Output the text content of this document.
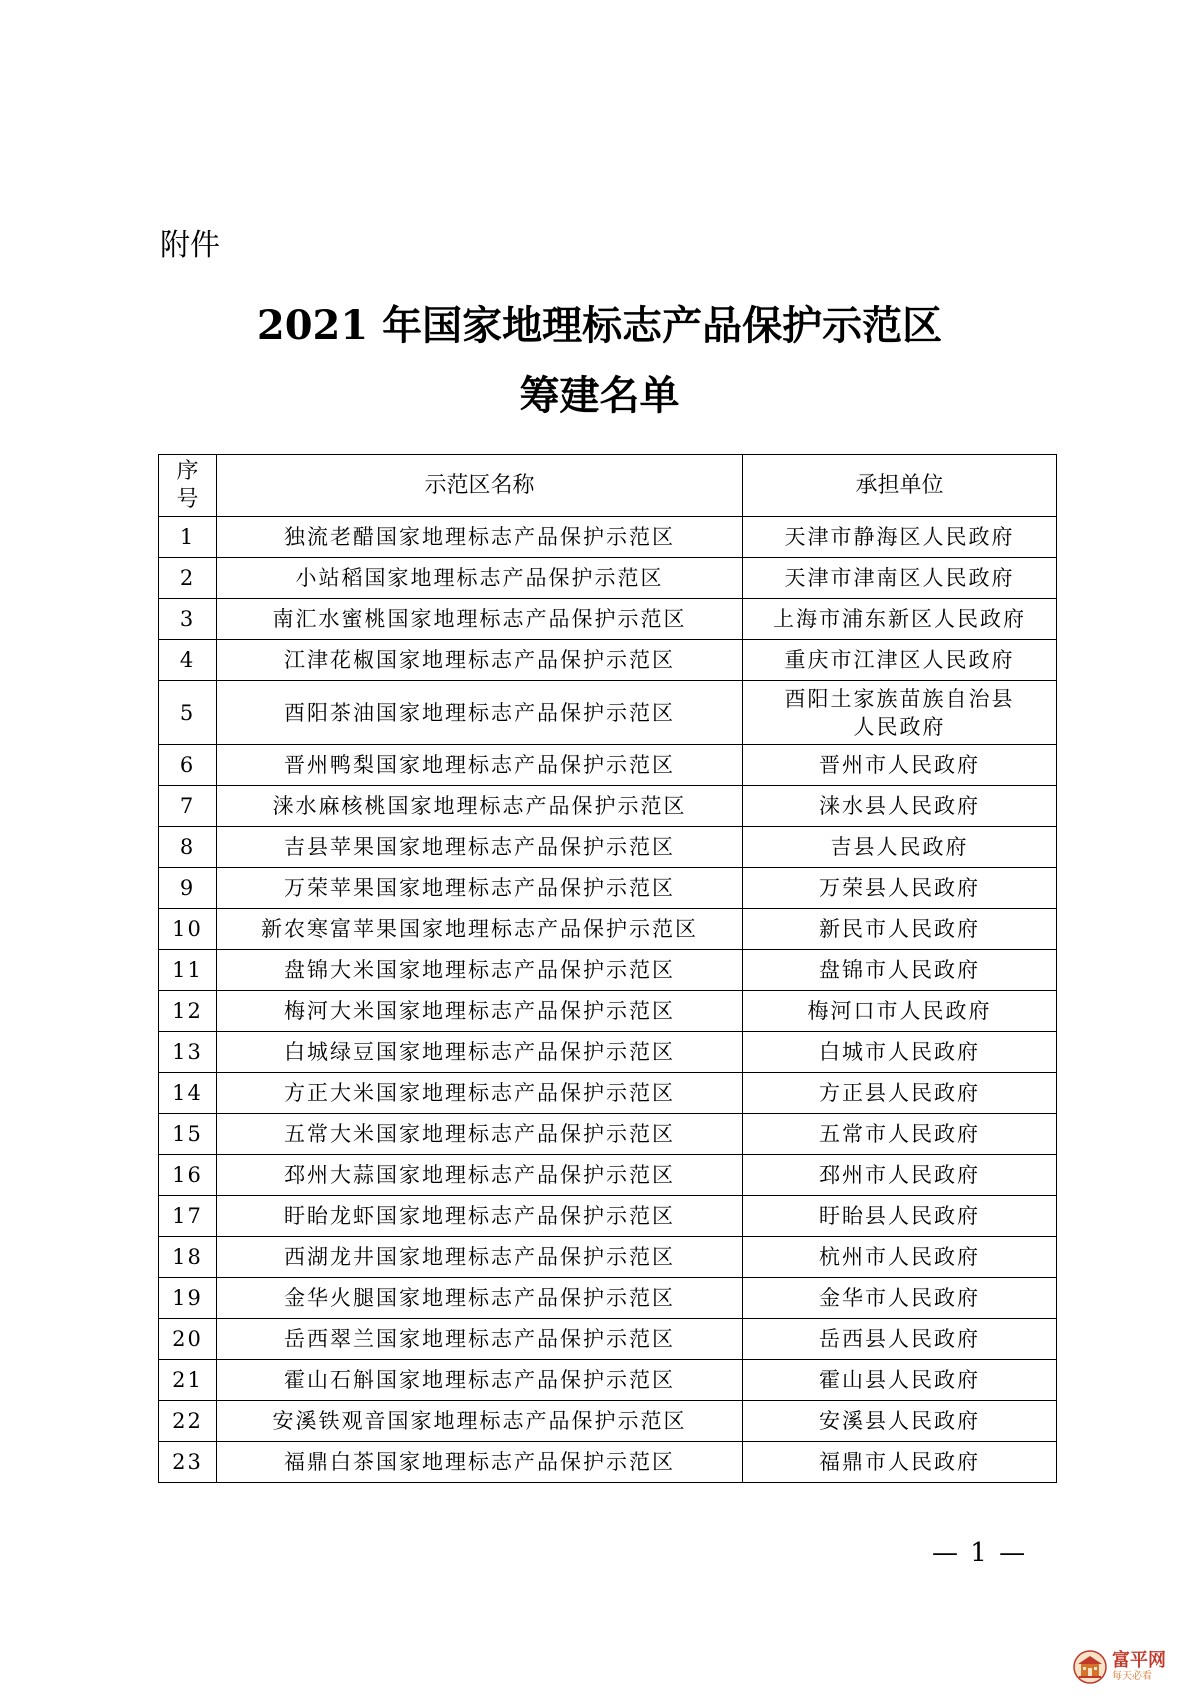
附件
2021 年国家地理标志产品保护示范区
筹建名单
序
号	示范区名称	承担单位
1	独流老醋国家地理标志产品保护示范区	天津市静海区人民政府
2	小站稻国家地理标志产品保护示范区	天津市津南区人民政府
3	南汇水蜜桃国家地理标志产品保护示范区	上海市浦东新区人民政府
4	江津花椒国家地理标志产品保护示范区	重庆市江津区人民政府
5	酉阳茶油国家地理标志产品保护示范区	酉阳土家族苗族自治县
人民政府
6	晋州鸭梨国家地理标志产品保护示范区	晋州市人民政府
7	涞水麻核桃国家地理标志产品保护示范区	涞水县人民政府
8	吉县苹果国家地理标志产品保护示范区	吉县人民政府
9	万荣苹果国家地理标志产品保护示范区	万荣县人民政府
10	新农寒富苹果国家地理标志产品保护示范区	新民市人民政府
11	盘锦大米国家地理标志产品保护示范区	盘锦市人民政府
12	梅河大米国家地理标志产品保护示范区	梅河口市人民政府
13	白城绿豆国家地理标志产品保护示范区	白城市人民政府
14	方正大米国家地理标志产品保护示范区	方正县人民政府
15	五常大米国家地理标志产品保护示范区	五常市人民政府
16	邳州大蒜国家地理标志产品保护示范区	邳州市人民政府
17	盱眙龙虾国家地理标志产品保护示范区	盱眙县人民政府
18	西湖龙井国家地理标志产品保护示范区	杭州市人民政府
19	金华火腿国家地理标志产品保护示范区	金华市人民政府
20	岳西翠兰国家地理标志产品保护示范区	岳西县人民政府
21	霍山石斛国家地理标志产品保护示范区	霍山县人民政府
22	安溪铁观音国家地理标志产品保护示范区	安溪县人民政府
23	福鼎白茶国家地理标志产品保护示范区	福鼎市人民政府
— 1 —
富平网
每天必看
